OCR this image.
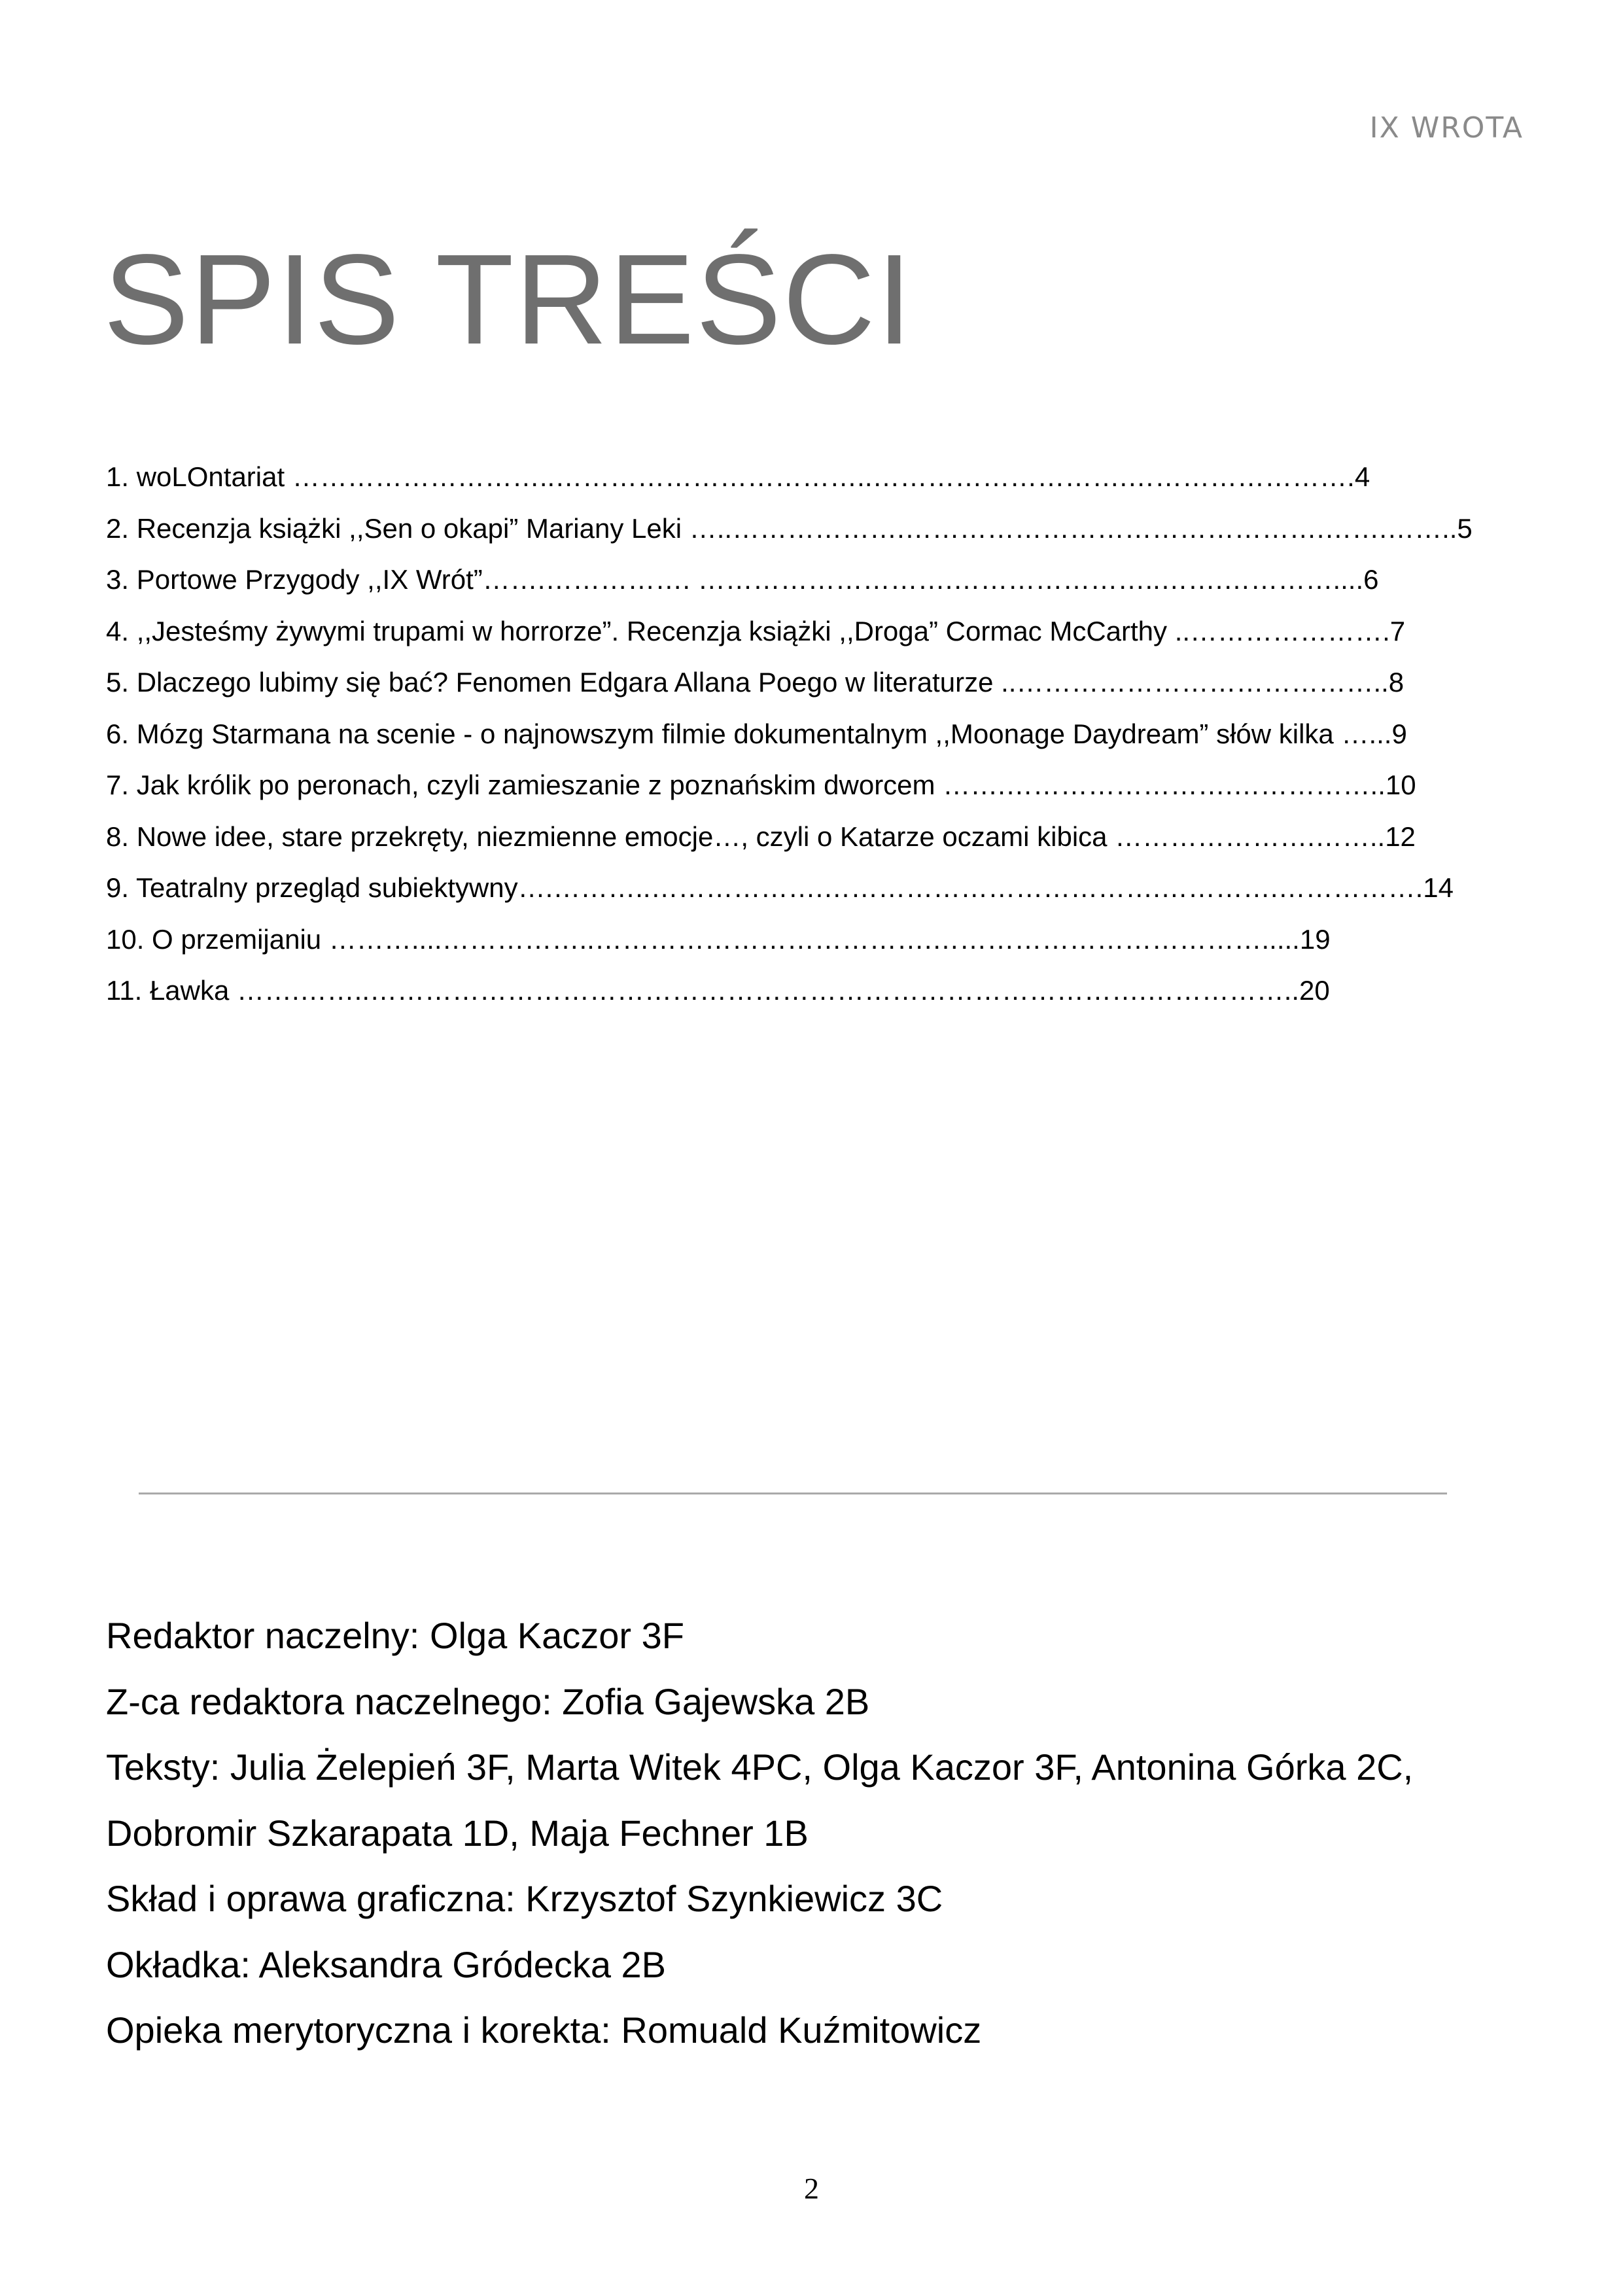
IX WROTA
SPIS TREŚCI
1. woLOntariat ………………………..……………………………..……………………….…………………….4
2. Recenzja książki ,,Sen o okapi” Mariany Leki …..……………….……………………………………….…….……..5
3. Portowe Przygody ,,IX Wrót”…….……………. ……………………….…………………..…….…………....6
4. ,,Jesteśmy żywymi trupami w horrorze”. Recenzja książki ,,Droga” Cormac McCarthy ..………………….7
5. Dlaczego lubimy się bać? Fenomen Edgara Allana Poego w literaturze ..…………………………………..8
6. Mózg Starmana na scenie - o najnowszym filmie dokumentalnym ,,Moonage Daydream” słów kilka …...9
7. Jak królik po peronach, czyli zamieszanie z poznańskim dworcem …….…………………….……………..10
8. Nowe idee, stare przekręty, niezmienne emocje…, czyli o Katarze oczami kibica ………………….……..12
9. Teatralny przegląd subiektywny….………..……………….……………………………….………….…………….14
10. O przemijaniu ………....……………..……………………………….……………………………….....19
11. Ławka …….……..………………………………………………………………………….……………..20
Redaktor naczelny: Olga Kaczor 3F
Z-ca redaktora naczelnego: Zofia Gajewska 2B
Teksty: Julia Żelepień 3F, Marta Witek 4PC, Olga Kaczor 3F, Antonina Górka 2C,
Dobromir Szkarapata 1D, Maja Fechner 1B
Skład i oprawa graficzna: Krzysztof Szynkiewicz 3C
Okładka: Aleksandra Gródecka 2B
Opieka merytoryczna i korekta: Romuald Kuźmitowicz
2
